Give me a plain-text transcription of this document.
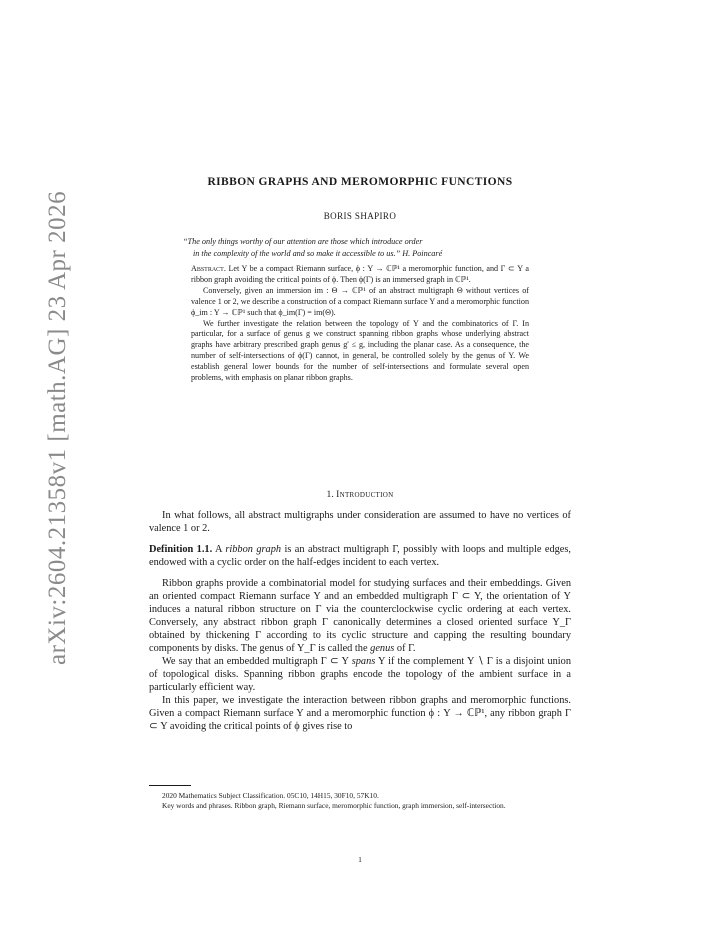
arXiv:2604.21358v1 [math.AG] 23 Apr 2026
RIBBON GRAPHS AND MEROMORPHIC FUNCTIONS
BORIS SHAPIRO
“The only things worthy of our attention are those which introduce order
in the complexity of the world and so make it accessible to us.” H. Poincaré

Abstract. Let Y be a compact Riemann surface, ϕ : Y → ℂℙ¹ a meromorphic function, and Γ ⊂ Y a ribbon graph avoiding the critical points of ϕ. Then ϕ(Γ) is an immersed graph in ℂℙ¹.

Conversely, given an immersion im : Θ → ℂℙ¹ of an abstract multigraph Θ without vertices of valence 1 or 2, we describe a construction of a compact Riemann surface Y and a meromorphic function ϕ_im : Y → ℂℙ¹ such that ϕ_im(Γ) = im(Θ).

We further investigate the relation between the topology of Y and the combinatorics of Γ. In particular, for a surface of genus g we construct spanning ribbon graphs whose underlying abstract graphs have arbitrary prescribed graph genus g′ ≤ g, including the planar case. As a consequence, the number of self-intersections of ϕ(Γ) cannot, in general, be controlled solely by the genus of Y. We establish general lower bounds for the number of self-intersections and formulate several open problems, with emphasis on planar ribbon graphs.

1. Introduction

In what follows, all abstract multigraphs under consideration are assumed to have no vertices of valence 1 or 2.

Definition 1.1. A ribbon graph is an abstract multigraph Γ, possibly with loops and multiple edges, endowed with a cyclic order on the half-edges incident to each vertex.

Ribbon graphs provide a combinatorial model for studying surfaces and their embeddings. Given an oriented compact Riemann surface Y and an embedded multigraph Γ ⊂ Y, the orientation of Y induces a natural ribbon structure on Γ via the counterclockwise cyclic ordering at each vertex. Conversely, any abstract ribbon graph Γ canonically determines a closed oriented surface Y_Γ obtained by thickening Γ according to its cyclic structure and capping the resulting boundary components by disks. The genus of Y_Γ is called the genus of Γ.

We say that an embedded multigraph Γ ⊂ Y spans Y if the complement Y ∖ Γ is a disjoint union of topological disks. Spanning ribbon graphs encode the topology of the ambient surface in a particularly efficient way.

In this paper, we investigate the interaction between ribbon graphs and meromorphic functions. Given a compact Riemann surface Y and a meromorphic function ϕ : Y → ℂℙ¹, any ribbon graph Γ ⊂ Y avoiding the critical points of ϕ gives rise to

2020 Mathematics Subject Classification. 05C10, 14H15, 30F10, 57K10.

Key words and phrases. Ribbon graph, Riemann surface, meromorphic function, graph immersion, self-intersection.

1
